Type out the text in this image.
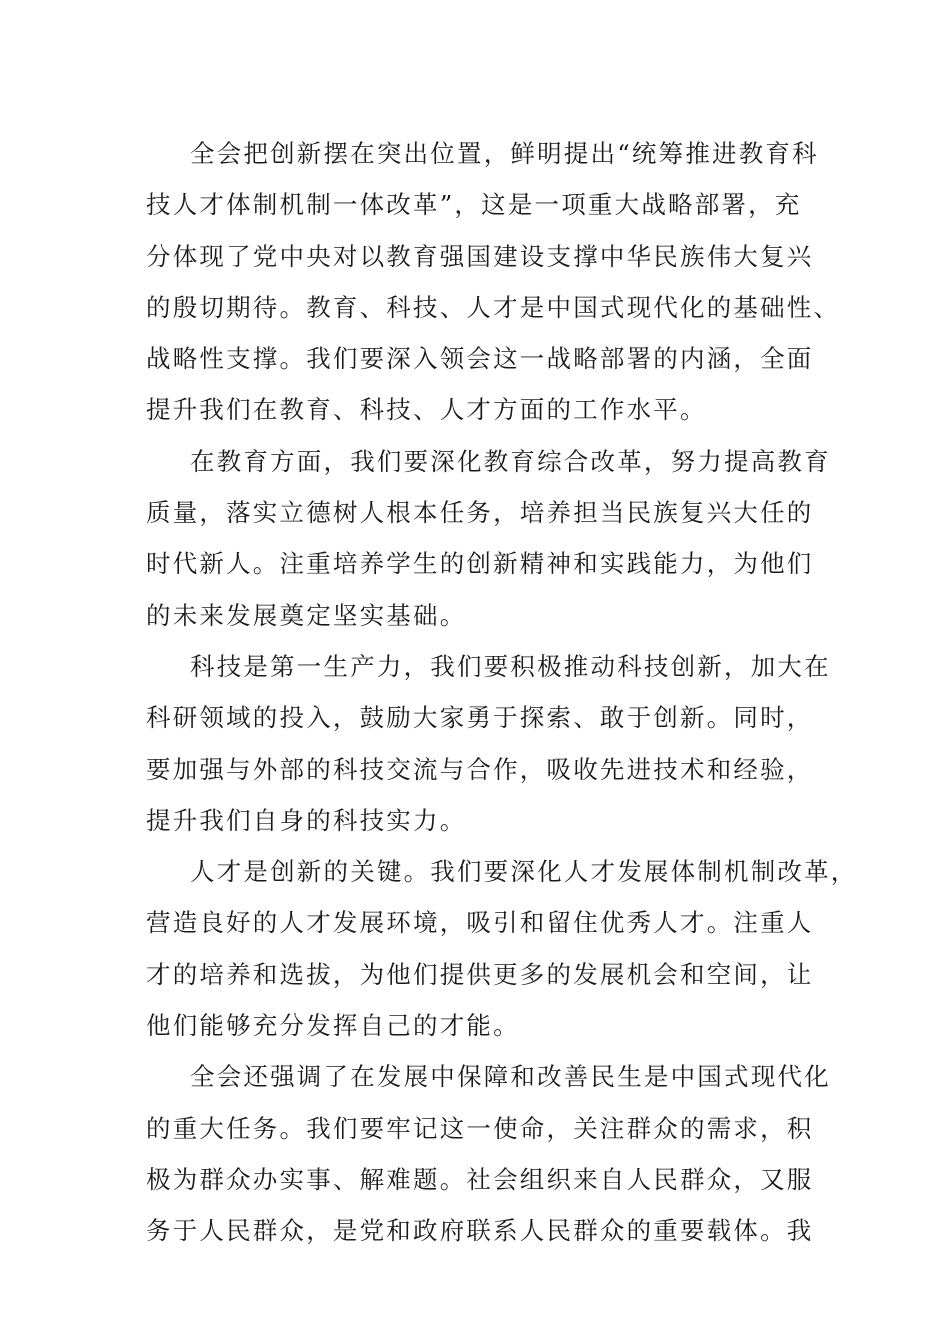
全会把创新摆在突出位置，鲜明提出“统筹推进教育科
技人才体制机制一体改革”，这是一项重大战略部署，充
分体现了党中央对以教育强国建设支撑中华民族伟大复兴
的殷切期待。教育、科技、人才是中国式现代化的基础性、
战略性支撑。我们要深入领会这一战略部署的内涵，全面
提升我们在教育、科技、人才方面的工作水平。
在教育方面，我们要深化教育综合改革，努力提高教育
质量，落实立德树人根本任务，培养担当民族复兴大任的
时代新人。注重培养学生的创新精神和实践能力，为他们
的未来发展奠定坚实基础。
科技是第一生产力，我们要积极推动科技创新，加大在
科研领域的投入，鼓励大家勇于探索、敢于创新。同时，
要加强与外部的科技交流与合作，吸收先进技术和经验，
提升我们自身的科技实力。
人才是创新的关键。我们要深化人才发展体制机制改革，
营造良好的人才发展环境，吸引和留住优秀人才。注重人
才的培养和选拔，为他们提供更多的发展机会和空间，让
他们能够充分发挥自己的才能。
全会还强调了在发展中保障和改善民生是中国式现代化
的重大任务。我们要牢记这一使命，关注群众的需求，积
极为群众办实事、解难题。社会组织来自人民群众，又服
务于人民群众，是党和政府联系人民群众的重要载体。我
